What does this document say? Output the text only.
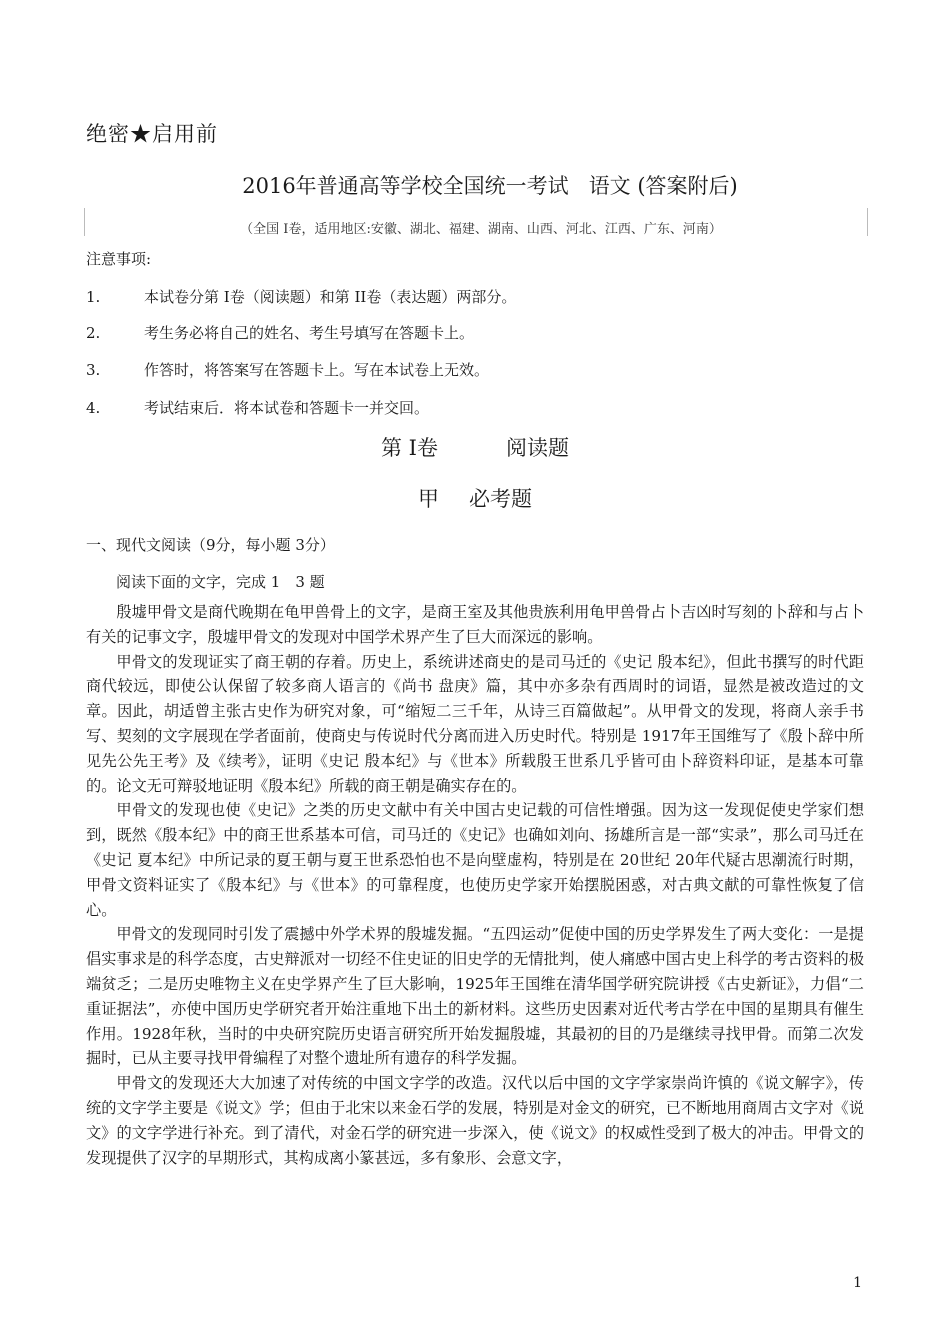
绝密★启用前
2016年普通高等学校全国统一考试 语文 (答案附后)
（全国 I卷，适用地区:安徽、湖北、福建、湖南、山西、河北、江西、广东、河南）
注意事项:
1.	本试卷分第 I卷（阅读题）和第 II卷（表达题）两部分。
2.	考生务必将自己的姓名、考生号填写在答题卡上。
3.	作答时，将答案写在答题卡上。写在本试卷上无效。
4.	考试结束后．将本试卷和答题卡一并交回。
第 I卷	阅读题
甲 必考题
一、现代文阅读（9分，每小题 3分）
阅读下面的文字，完成 1　3 题

殷墟甲骨文是商代晚期在龟甲兽骨上的文字，是商王室及其他贵族利用龟甲兽骨占卜吉凶时写刻的卜辞和与占卜有关的记事文字，殷墟甲骨文的发现对中国学术界产生了巨大而深远的影响。

甲骨文的发现证实了商王朝的存着。历史上，系统讲述商史的是司马迁的《史记 殷本纪》，但此书撰写的时代距商代较远，即使公认保留了较多商人语言的《尚书 盘庚》篇，其中亦多杂有西周时的词语，显然是被改造过的文章。因此，胡适曾主张古史作为研究对象，可“缩短二三千年，从诗三百篇做起”。从甲骨文的发现，将商人亲手书写、契刻的文字展现在学者面前，使商史与传说时代分离而进入历史时代。特别是 1917年王国维写了《殷卜辞中所见先公先王考》及《续考》，证明《史记 殷本纪》与《世本》所载殷王世系几乎皆可由卜辞资料印证，是基本可靠的。论文无可辩驳地证明《殷本纪》所载的商王朝是确实存在的。

甲骨文的发现也使《史记》之类的历史文献中有关中国古史记载的可信性增强。因为这一发现促使史学家们想到，既然《殷本纪》中的商王世系基本可信，司马迁的《史记》也确如刘向、扬雄所言是一部“实录”，那么司马迁在《史记 夏本纪》中所记录的夏王朝与夏王世系恐怕也不是向壁虚构，特别是在 20世纪 20年代疑古思潮流行时期，甲骨文资料证实了《殷本纪》与《世本》的可靠程度，也使历史学家开始摆脱困惑，对古典文献的可靠性恢复了信心。

甲骨文的发现同时引发了震撼中外学术界的殷墟发掘。“五四运动”促使中国的历史学界发生了两大变化：一是提倡实事求是的科学态度，古史辩派对一切经不住史证的旧史学的无情批判，使人痛感中国古史上科学的考古资料的极端贫乏；二是历史唯物主义在史学界产生了巨大影响，1925年王国维在清华国学研究院讲授《古史新证》，力倡“二重证据法”，亦使中国历史学研究者开始注重地下出土的新材料。这些历史因素对近代考古学在中国的星期具有催生作用。1928年秋，当时的中央研究院历史语言研究所开始发掘殷墟，其最初的目的乃是继续寻找甲骨。而第二次发掘时，已从主要寻找甲骨编程了对整个遗址所有遗存的科学发掘。

甲骨文的发现还大大加速了对传统的中国文字学的改造。汉代以后中国的文字学家崇尚许慎的《说文解字》，传统的文字学主要是《说文》学；但由于北宋以来金石学的发展，特别是对金文的研究，已不断地用商周古文字对《说文》的文字学进行补充。到了清代，对金石学的研究进一步深入，使《说文》的权威性受到了极大的冲击。甲骨文的发现提供了汉字的早期形式，其构成离小篆甚远，多有象形、会意文字，

1
